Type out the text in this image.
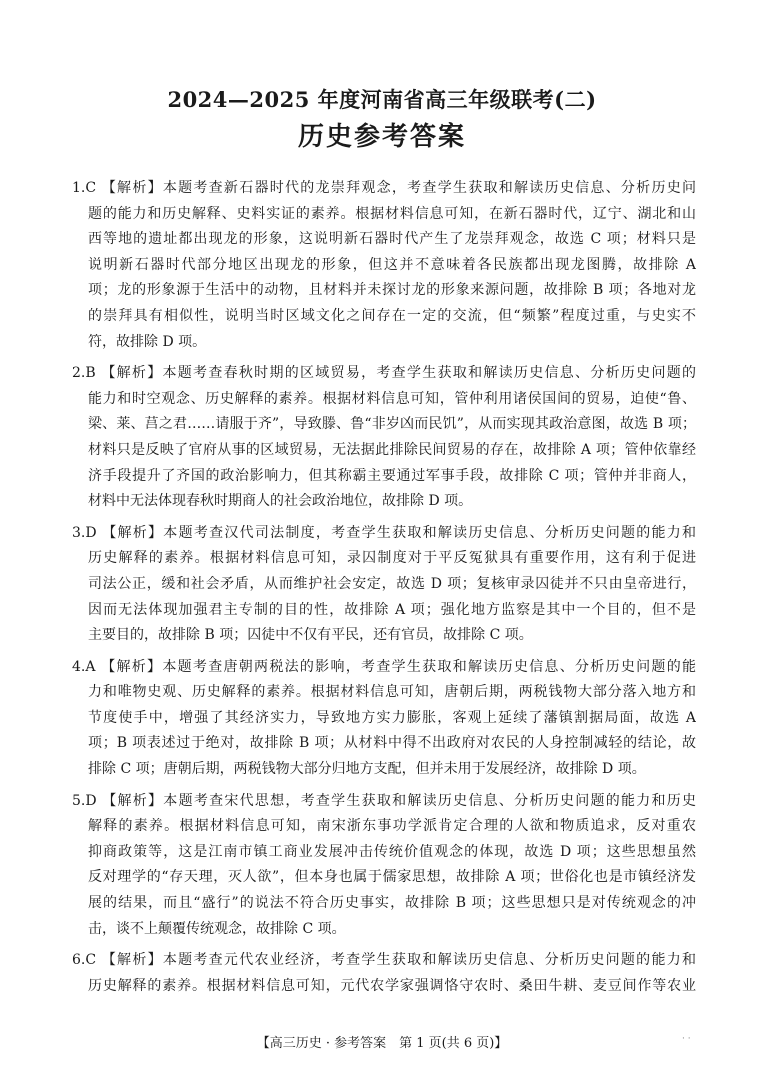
2024—2025 年度河南省高三年级联考(二)
历史参考答案
1.C 【解析】本题考查新石器时代的龙崇拜观念，考查学生获取和解读历史信息、分析历史问
题的能力和历史解释、史料实证的素养。根据材料信息可知，在新石器时代，辽宁、湖北和山
西等地的遗址都出现龙的形象，这说明新石器时代产生了龙崇拜观念，故选 C 项；材料只是
说明新石器时代部分地区出现龙的形象，但这并不意味着各民族都出现龙图腾，故排除 A
项；龙的形象源于生活中的动物，且材料并未探讨龙的形象来源问题，故排除 B 项；各地对龙
的崇拜具有相似性，说明当时区域文化之间存在一定的交流，但“频繁”程度过重，与史实不
符，故排除 D 项。
2.B 【解析】本题考查春秋时期的区域贸易，考查学生获取和解读历史信息、分析历史问题的
能力和时空观念、历史解释的素养。根据材料信息可知，管仲利用诸侯国间的贸易，迫使“鲁、
梁、莱、莒之君……请服于齐”，导致滕、鲁“非岁凶而民饥”，从而实现其政治意图，故选 B 项；
材料只是反映了官府从事的区域贸易，无法据此排除民间贸易的存在，故排除 A 项；管仲依靠经
济手段提升了齐国的政治影响力，但其称霸主要通过军事手段，故排除 C 项；管仲并非商人，
材料中无法体现春秋时期商人的社会政治地位，故排除 D 项。
3.D 【解析】本题考查汉代司法制度，考查学生获取和解读历史信息、分析历史问题的能力和
历史解释的素养。根据材料信息可知，录囚制度对于平反冤狱具有重要作用，这有利于促进
司法公正，缓和社会矛盾，从而维护社会安定，故选 D 项；复核审录囚徒并不只由皇帝进行，
因而无法体现加强君主专制的目的性，故排除 A 项；强化地方监察是其中一个目的，但不是
主要目的，故排除 B 项；囚徒中不仅有平民，还有官员，故排除 C 项。
4.A 【解析】本题考查唐朝两税法的影响，考查学生获取和解读历史信息、分析历史问题的能
力和唯物史观、历史解释的素养。根据材料信息可知，唐朝后期，两税钱物大部分落入地方和
节度使手中，增强了其经济实力，导致地方实力膨胀，客观上延续了藩镇割据局面，故选 A
项；B 项表述过于绝对，故排除 B 项；从材料中得不出政府对农民的人身控制减轻的结论，故
排除 C 项；唐朝后期，两税钱物大部分归地方支配，但并未用于发展经济，故排除 D 项。
5.D 【解析】本题考查宋代思想，考查学生获取和解读历史信息、分析历史问题的能力和历史
解释的素养。根据材料信息可知，南宋浙东事功学派肯定合理的人欲和物质追求，反对重农
抑商政策等，这是江南市镇工商业发展冲击传统价值观念的体现，故选 D 项；这些思想虽然
反对理学的“存天理，灭人欲”，但本身也属于儒家思想，故排除 A 项；世俗化也是市镇经济发
展的结果，而且“盛行”的说法不符合历史事实，故排除 B 项；这些思想只是对传统观念的冲
击，谈不上颠覆传统观念，故排除 C 项。
6.C 【解析】本题考查元代农业经济，考查学生获取和解读历史信息、分析历史问题的能力和
历史解释的素养。根据材料信息可知，元代农学家强调恪守农时、桑田牛耕、麦豆间作等农业
【高三历史 · 参考答案　第 1 页(共 6 页)】	· ·
